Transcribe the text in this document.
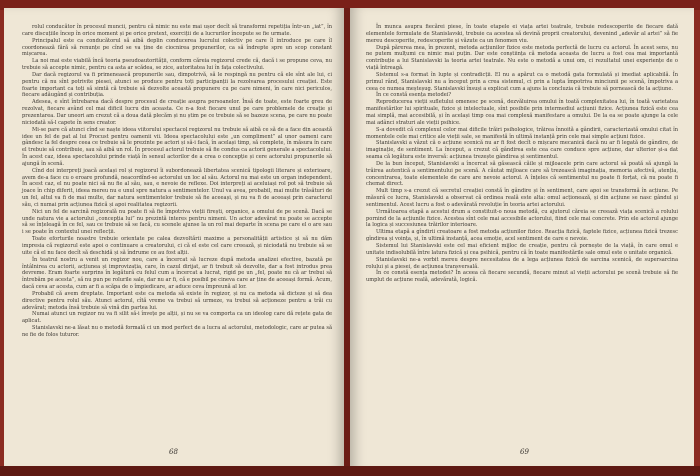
rolul conducător în procesul muncii, pentru că nimic nu este mai ușor decît să transformi repetiția într-un „iat”, în care discuțiile încep în orice moment și pe orice pretext, exerciții de a lucrurilor începute se fie urmate.

Principalul este ca conducătorul să aibă deplin conducerea lucrului colectiv pe care îl introduce pe care îl coordonează fără să renunțe pe cînd se va ține de ciocnirea propunerilor, ca să îndrepte spre un scop constant mișcarea.

La noi mai este viabilă încă teoria pseudoautorității, conform căreia regizorul crede că, dacă i se propune ceva, nu trebuie să accepte nimic, pentru ca asta ar scădea, se zice, autoritatea lui în fața colectivului.

Dar dacă regizorul va fi primenească propunerile sau, dimpotrivă, să le respingă nu pentru că ele sînt ale lui, ci pentru că nu sînt potrivite piesei, atunci se produce pentru toți participanții la rezolvarea procesului creației. Este foarte important ca toți să simtă că trebuie să dezvolte această propunere cu pe care nimeni, în care nici periculos, fiecare adăugând și contribuția.

Adesea, e sînt întrebarea dacă despre procesul de creație asupra persoanelor. Însă de toate, este foarte greu de rezolvat, fiecare având cel mai dificil lucru din aceasta. Ce n-a fost fiecare unul pe care problemele de creație și prezentarea. Dar uneori am crezut că a doua dată plecăm și nu știm pe ce trebuie să se bazeze scena, pe care nu poate niciodată să-l capete în sens creator.

Mi-se pare că atunci cînd se naște ideea viitorului spectacol regizorul nu trebuie să aibă ce să de a face din această idee un fel de pat al lui Procust pentru oamenii vii. Ideea spectacolului este „un compliment” al unor oameni care gândesc la fel despre ceea ce trebuie să le prezinte pe actori și să-i facă, în același timp, să complete, în măsura în care el trebuie să contribuie, sau să aibă un rol. În procesul actorul trebuie să fie condus ca actorii generale a spectacolului. În acest caz, ideea spectacolului prinde viață în sensul actorilor de a crea o concepție și cere actorului propunerile să ajungă în scenă.

Cînd doi interpreți joacă același rol și regizorul îi subordonează libertatea scenică tipologii literare și exterioare, avem de-a face cu o eroare profundă, neacordînd-se actorului un loc al său. Actorul nu mai este un organ independent. În acest caz, el nu poate nici să nu fie al său, sau, e nevoie de reflexe. Doi interpreți ai aceluiași rol pot să trebuie să joace în chip diferit, ideea mereu nu e unul spre natura a sentimentelor. Unul va avea, probabil, mai multe trăsături de un fel, altul va fi de mai multe, dar natura sentimentelor trebuie să fie aceeași, și nu va fi de aceeași prin caracterul său, ci numai prin acțiunea fizică și apoi realitatea regizorii.

Nici un fel de sarcină regizorală nu poate fi să fie împotriva vieții firești, organice, a omului de pe scenă. Dacă se unde natura vie a actorului „concepția lui” nu prezintă interes pentru nimeni. Un actor adevărat nu poate se accepte să se înțeleagă în ce fel, sau ce trebuie să se facă, cu scenele ajunse la un rol mai departe în scena pe care el o are sau i se poate în contextul unei reflecții.

Toate eforturile noastre trebuie orientate pe calea dezvoltării maxime a personalității artistice și să nu dăm impresia că regizorul este apoi o continuare a creatorului, ci că el este cel care creează, și niciodată nu trebuie să se uite că el nu face decît să deschidă și să îndrume ce au fost alții.

În teatrul nostru a venit un regizor nou, care a încercat să lucreze după metoda analizei efective, bazată pe întâlnirea cu actorii, acțiunea și improvizația, care, în cazul dirijat, ar fi trebuit să dezvolte, dar a fost introdus prea devreme. Eram foarte surprins în legătură cu felul cum a încercat a lucrat, rigid pe un „fel, poate nu că ar trebui să întrebăm pe acesta”, să nu pun pe rolurile sale, dar nu ar fi, că e posibil pe cineva care ar ține de aceeași formă. Acum, dacă ceva ar acesta, cum ar fi a scăpa de o împiedicare, ar aduce ceva împreună al lor.

Probabil că avem dreptate. Important este ca metoda să existe în regizor, și nu ca metoda să dicteze și să dea directive pentru rolul său. Atunci actorul, cîtă vreme va trebui să urmeze, va trebui să acționeze pentru a trăi cu adevărat; metoda însă trebuie să vină din partea lui.

Numai atunci un regizor nu va fi silit să-i învețe pe alții, și nu se va comporta ca un ideolog care dă rețete gata de aplicat.

Stanislavski ne-a lăsat nu o metodă formală ci un mod perfect de a lucra al actorului, metodologic, care ar putea să ne fie de folos tuturor.

68

În munca asupra fiecărei piese, în toate etapele ei viața artei teatrale, trebuie redescoperite de fiecare dată elementele formulate de Stanislavski, trebuie ca acestea să devină proprii creatorului, devenind „adevăr al artei” să fie mereu descoperite, redescoperite și văzute ca un fenomen viu.

După părerea mea, în prezent, metoda acțiunilor fizice este metoda perfectă de lucru cu actorul. În acest sens, nu ne putem mulțumi cu nimic mai puțin. Dar este conștiința că metoda aceasta de lucru a fost cea mai importantă contribuție a lui Stanislavski la teoria artei teatrale. Nu este o metodă a unui om, ci rezultatul unei experiențe de o viață întreagă.

Sistemul s-a format în lupte și contradicții. El nu a apărut ca o metodă gata formulată și imediat aplicabilă. În primul rând, Stanislavski nu a început prin a crea sistemul, ci prin a lupta împotriva minciunii pe scenă, împotriva a ceea ce numea meșteșug. Stanislavski însuși a explicat cum a ajuns la concluzia că trebuie să pornească de la acțiune.

În ce constă esența metodei?

Reproducerea vieții sufletului omenesc pe scenă, dezvăluirea omului în toată complexitatea lui, în toată varietatea manifestărilor lui spirituale, fizice și intelectuale, sînt posibile prin intermediul acțiunii fizice. Acțiunea fizică este cea mai simplă, mai accesibilă, și în același timp cea mai complexă manifestare a omului. De la ea se poate ajunge la cele mai adânci straturi ale vieții psihice.

S-a dovedit că complexul celor mai dificile trăiri psihologice, trăirea înnoită a gândirii, caracterizată omului citat în momentele cele mai critice ale vieții sale, se manifestă în ultimă instanță prin cele mai simple acțiuni fizice.

Stanislavski a văzut că o acțiune scenică nu ar fi fost decît o mișcare mecanică dacă nu ar fi legată de gândire, de imaginație, de sentiment. La început, a crezut că gândirea este cea care conduce spre acțiune, dar ulterior și-a dat seama că legătura este inversă: acțiunea trezește gândirea și sentimentul.

De la bun început, Stanislavski a încercat să găsească căile și mijloacele prin care actorul să poată să ajungă la trăirea autentică a sentimentului pe scenă. A căutat mijloace care să trezească imaginația, memoria afectivă, atenția, concentrarea, toate elementele de care are nevoie actorul. A înțeles că sentimentul nu poate fi forțat, că nu poate fi chemat direct.

Mult timp s-a crezut că secretul creației constă în gândire și în sentiment, care apoi se transformă în acțiune. Pe măsură ce lucra, Stanislavski a observat că ordinea reală este alta: omul acționează, și din acțiune se nasc gândul și sentimentul. Acest lucru a fost o adevărată revoluție în teoria artei actorului.

Următoarea etapă a acestui drum a constituit-o noua metodă, cu ajutorul căreia se creează viața scenică a rolului pornind de la acțiunile fizice. Acestea sînt cele mai accesibile actorului, fiind cele mai concrete. Prin ele actorul ajunge la logica și succesiunea trăirilor interioare.

Ultima etapă a gîndirii creatoare a fost metoda acțiunilor fizice. Reacția fizică, faptele fizice, acțiunea fizică trezesc gîndirea și voința, și, în ultimă instanță, acea emoție, acel sentiment de care e nevoie.

Sistemul lui Stanislavski este cel mai eficient mijloc de creație, pentru că pornește de la viață, în care omul e unitate indisolubilă între latura fizică și cea psihică, pentru că în toate manifestările sale omul este o unitate organică.

Stanislavski ne-a vorbit mereu despre necesitatea de a lega acțiunea fizică de sarcina scenică, de supersarcina rolului și a piesei, de acțiunea transversală.

În ce constă esența metodei? În aceea că fiecare secundă, fiecare minut al vieții actorului pe scenă trebuie să fie umplut de acțiune reală, adevărată, logică.

69
